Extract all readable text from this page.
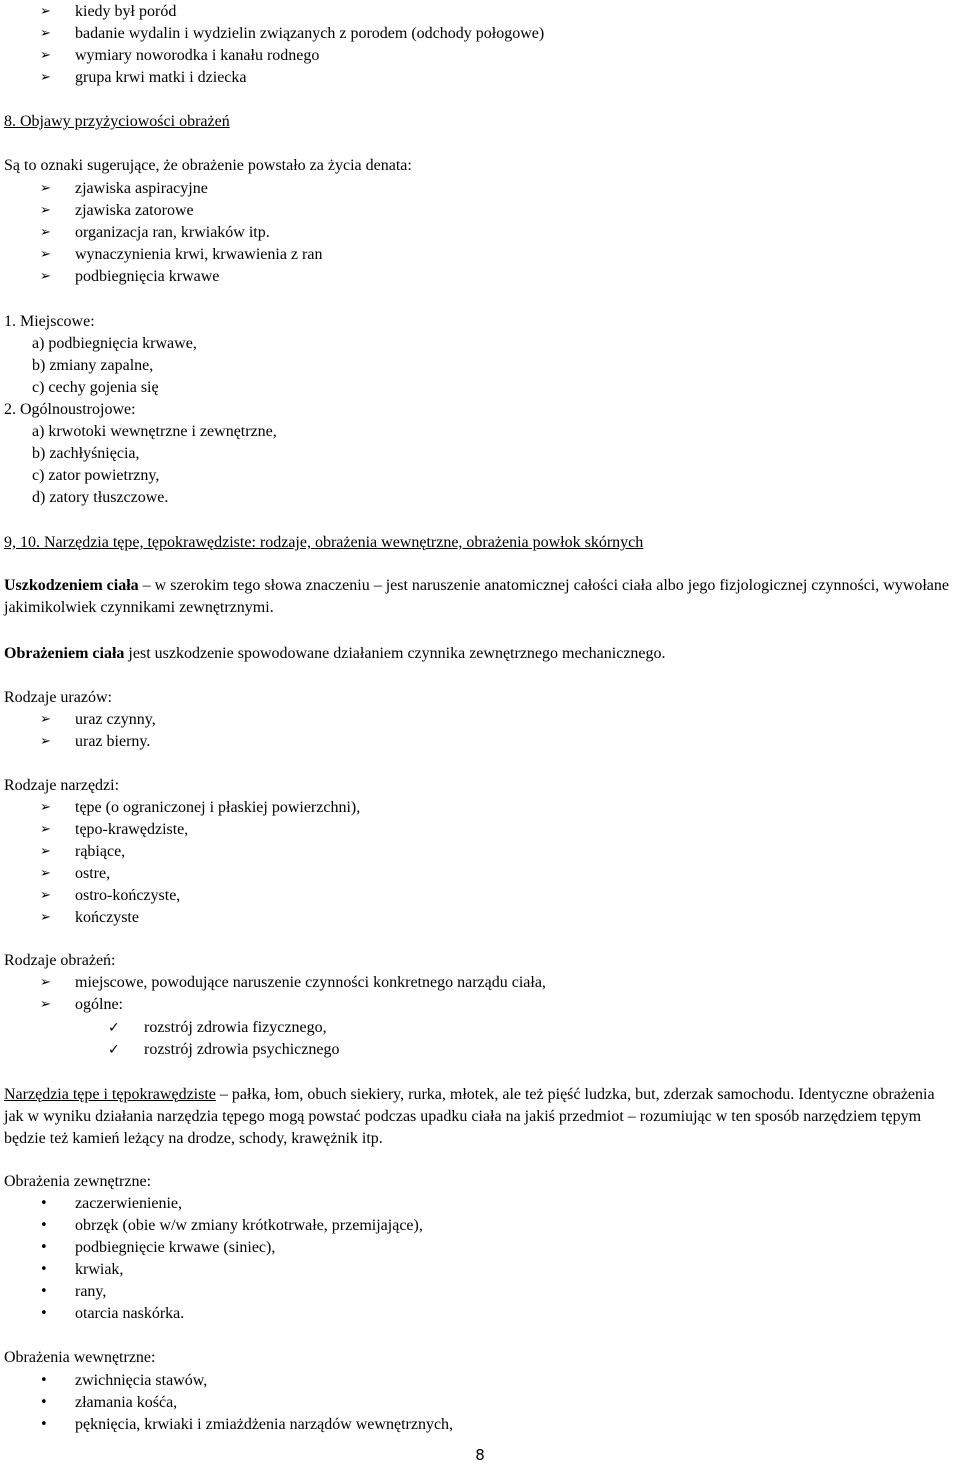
➢	kiedy był poród
➢	badanie wydalin i wydzielin związanych z porodem (odchody połogowe)
➢	wymiary noworodka i kanału rodnego
➢	grupa krwi matki i dziecka
8. Objawy przyżyciowości obrażeń
Są to oznaki sugerujące, że obrażenie powstało za życia denata:
➢	zjawiska aspiracyjne
➢	zjawiska zatorowe
➢	organizacja ran, krwiaków itp.
➢	wynaczynienia krwi, krwawienia z ran
➢	podbiegnięcia krwawe
1. Miejscowe:
a) podbiegnięcia krwawe,
b) zmiany zapalne,
c) cechy gojenia się
2. Ogólnoustrojowe:
a) krwotoki wewnętrzne i zewnętrzne,
b) zachłyśnięcia,
c) zator powietrzny,
d) zatory tłuszczowe.
9, 10. Narzędzia tępe, tępokrawędziste: rodzaje, obrażenia wewnętrzne, obrażenia powłok skórnych
Uszkodzeniem ciała – w szerokim tego słowa znaczeniu – jest naruszenie anatomicznej całości ciała albo jego fizjologicznej czynności, wywołane jakimikolwiek czynnikami zewnętrznymi.
Obrażeniem ciała jest uszkodzenie spowodowane działaniem czynnika zewnętrznego mechanicznego.
Rodzaje urazów:
➢	uraz czynny,
➢	uraz bierny.
Rodzaje narzędzi:
➢	tępe (o ograniczonej i płaskiej powierzchni),
➢	tępo-krawędziste,
➢	rąbiące,
➢	ostre,
➢	ostro-kończyste,
➢	kończyste
Rodzaje obrażeń:
➢	miejscowe, powodujące naruszenie czynności konkretnego narządu ciała,
➢	ogólne:
✓ rozstrój zdrowia fizycznego,
✓ rozstrój zdrowia psychicznego
Narzędzia tępe i tępokrawędziste – pałka, łom, obuch siekiery, rurka, młotek, ale też pięść ludzka, but, zderzak samochodu. Identyczne obrażenia jak w wyniku działania narzędzia tępego mogą powstać podczas upadku ciała na jakiś przedmiot – rozumiując w ten sposób narzędziem tępym będzie też kamień leżący na drodze, schody, krawężnik itp.
Obrażenia zewnętrzne:
•	zaczerwienienie,
•	obrzęk (obie w/w zmiany krótkotrwałe, przemijające),
•	podbiegnięcie krwawe (siniec),
•	krwiak,
•	rany,
•	otarcia naskórka.
Obrażenia wewnętrzne:
•	zwichnięcia stawów,
•	złamania kośća,
•	pęknięcia, krwiaki i zmiażdżenia narządów wewnętrznych,
8
